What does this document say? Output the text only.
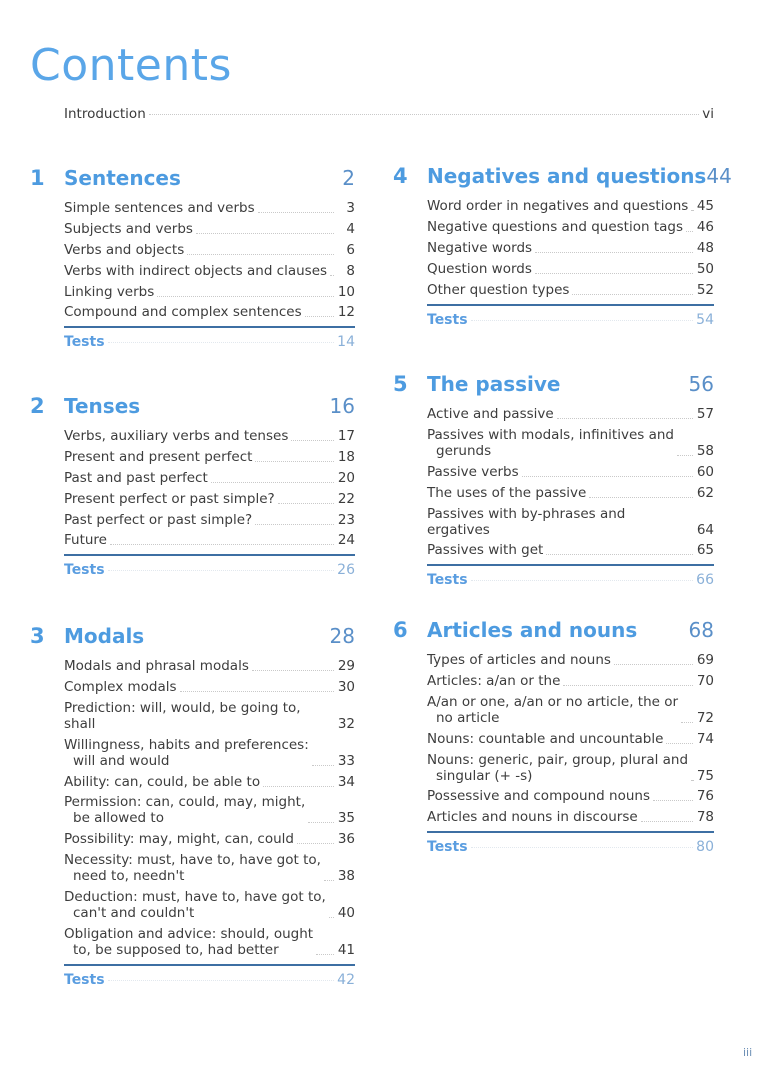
Contents
Introduction	vi
1 Sentences	2
Simple sentences and verbs	3
Subjects and verbs	4
Verbs and objects	6
Verbs with indirect objects and clauses	8
Linking verbs	10
Compound and complex sentences	12
Tests	14
2 Tenses	16
Verbs, auxiliary verbs and tenses	17
Present and present perfect	18
Past and past perfect	20
Present perfect or past simple?	22
Past perfect or past simple?	23
Future	24
Tests	26
3 Modals	28
Modals and phrasal modals	29
Complex modals	30
Prediction: will, would, be going to, shall	32
Willingness, habits and preferences:
will and would	33
Ability: can, could, be able to	34
Permission: can, could, may, might,
be allowed to	35
Possibility: may, might, can, could	36
Necessity: must, have to, have got to,
need to, needn't	38
Deduction: must, have to, have got to,
can't and couldn't	40
Obligation and advice: should, ought
to, be supposed to, had better	41
Tests	42
4 Negatives and questions 44
Word order in negatives and questions 45
Negative questions and question tags 46
Negative words	48
Question words	50
Other question types	52
Tests	54
5 The passive	56
Active and passive	57
Passives with modals, infinitives and
gerunds	58
Passive verbs	60
The uses of the passive	62
Passives with by-phrases and ergatives	64
Passives with get	65
Tests	66
6 Articles and nouns	68
Types of articles and nouns	69
Articles: a/an or the	70
A/an or one, a/an or no article, the or
no article	72
Nouns: countable and uncountable 74
Nouns: generic, pair, group, plural and
singular (+ -s)	75
Possessive and compound nouns	76
Articles and nouns in discourse	78
Tests	80
iii
